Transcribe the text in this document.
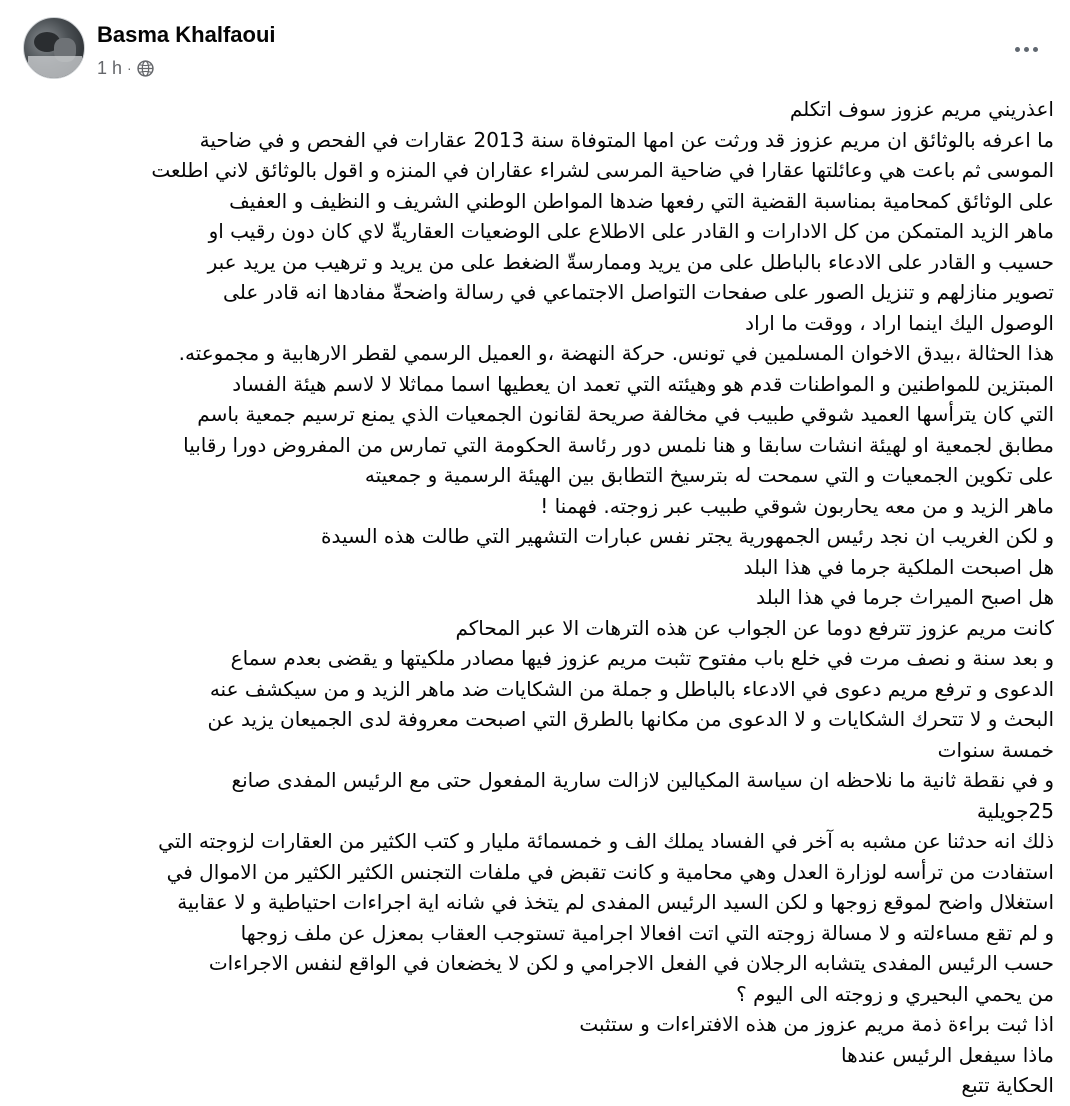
Basma Khalfaoui
1 h ·

اعذريني مريم عزوز سوف اتكلم

ما اعرفه بالوثائق ان مريم عزوز قد ورثت عن امها المتوفاة سنة 2013 عقارات في الفحص و في ضاحية

الموسى ثم باعت هي وعائلتها عقارا في ضاحية المرسى لشراء عقاران في المنزه و اقول بالوثائق لاني اطلعت

على الوثائق كمحامية بمناسبة القضية التي رفعها ضدها المواطن الوطني الشريف و النظيف و العفيف

ماهر الزيد المتمكن من كل الادارات و القادر على الاطلاع على الوضعيات العقاريةّ لاي كان دون رقيب او

حسيب و القادر على الادعاء بالباطل على من يريد وممارسةّ الضغط على من يريد و ترهيب من يريد عبر

تصوير منازلهم و تنزيل الصور على صفحات التواصل الاجتماعي في رسالة واضحةّ مفادها انه قادر على

الوصول اليك اينما اراد ، ووقت ما اراد

هذا الحثالة ،بيدق الاخوان المسلمين في تونس. حركة النهضة ،و العميل الرسمي لقطر الارهابية و مجموعته.

المبتزين للمواطنين و المواطنات قدم هو وهيئته التي تعمد ان يعطيها اسما مماثلا لا لاسم هيئة الفساد

التي كان يترأسها العميد شوقي طبيب في مخالفة صريحة لقانون الجمعيات الذي يمنع ترسيم جمعية باسم

مطابق لجمعية او لهيئة انشات سابقا و هنا نلمس دور رئاسة الحكومة التي تمارس من المفروض دورا رقابيا

على تكوين الجمعيات و التي سمحت له بترسيخ التطابق بين الهيئة الرسمية و جمعيته

ماهر الزيد و من معه يحاربون شوقي طبيب عبر زوجته. فهمنا !

و لكن الغريب ان نجد رئيس الجمهورية يجتر نفس عبارات التشهير التي طالت هذه السيدة

هل اصبحت الملكية جرما في هذا البلد

هل اصبح الميراث جرما في هذا البلد

كانت مريم عزوز تترفع دوما عن الجواب عن هذه الترهات الا عبر المحاكم

و بعد سنة و نصف مرت في خلع باب مفتوح تثبت مريم عزوز فيها مصادر ملكيتها و يقضى بعدم سماع

الدعوى و ترفع مريم دعوى في الادعاء بالباطل و جملة من الشكايات ضد ماهر الزيد و من سيكشف عنه

البحث و لا تتحرك الشكايات و لا الدعوى من مكانها بالطرق التي اصبحت معروفة لدى الجميعان يزيد عن

خمسة سنوات

و في نقطة ثانية ما نلاحظه ان سياسة المكيالين لازالت سارية المفعول حتى مع الرئيس المفدى صانع

25جويلية

ذلك انه حدثنا عن مشبه به آخر في الفساد يملك الف و خمسمائة مليار و كتب الكثير من العقارات لزوجته التي

استفادت من ترأسه لوزارة العدل وهي محامية و كانت تقبض في ملفات التجنس الكثير الكثير من الاموال في

استغلال واضح لموقع زوجها و لكن السيد الرئيس المفدى لم يتخذ في شانه اية اجراءات احتياطية و لا عقابية

و لم تقع مساءلته و لا مسالة زوجته التي اتت افعالا اجرامية تستوجب العقاب بمعزل عن ملف زوجها

حسب الرئيس المفدى يتشابه الرجلان في الفعل الاجرامي و لكن لا يخضعان في الواقع لنفس الاجراءات

من يحمي البحيري و زوجته الى اليوم ؟

اذا ثبت براءة ذمة مريم عزوز من هذه الافتراءات و ستثبت

ماذا سيفعل الرئيس عندها

الحكاية تتبع
